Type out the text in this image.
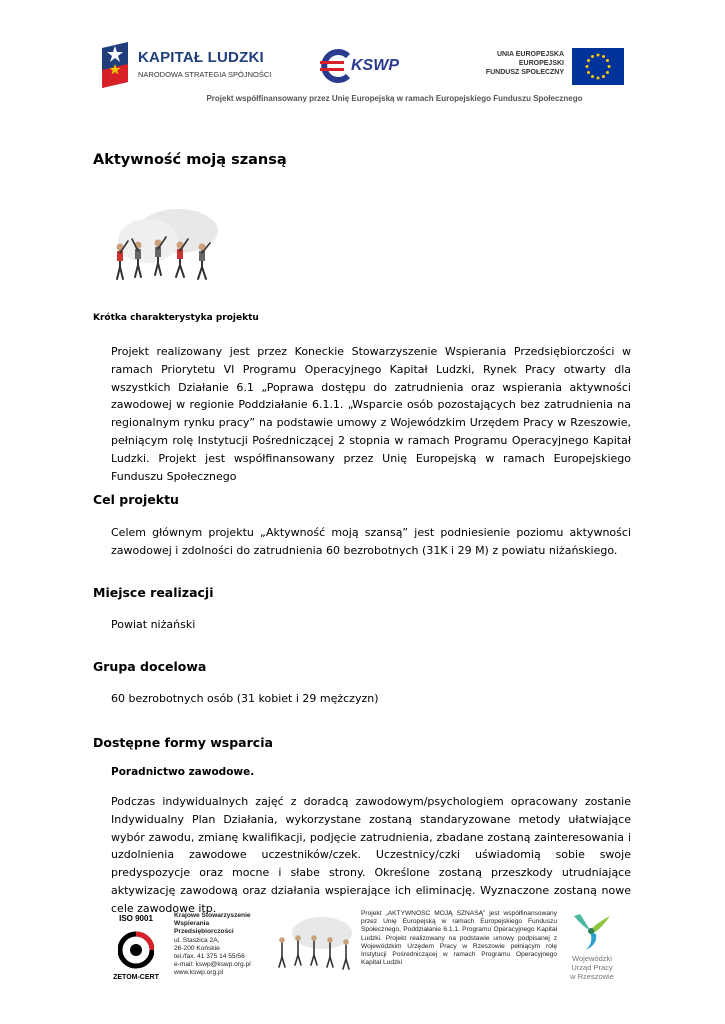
KAPITAŁ LUDZKI
NARODOWA STRATEGIA SPÓJNOŚCI
KSWP
UNIA EUROPEJSKA
EUROPEJSKI
FUNDUSZ SPOŁECZNY
Projekt współfinansowany przez Unię Europejską w ramach Europejskiego Funduszu Społecznego
Aktywność moją szansą
Krótka charakterystyka projektu

Projekt realizowany jest przez Koneckie Stowarzyszenie Wspierania Przedsiębiorczości w ramach Priorytetu VI Programu Operacyjnego Kapitał Ludzki, Rynek Pracy otwarty dla wszystkich Działanie 6.1 „Poprawa dostępu do zatrudnienia oraz wspierania aktywności zawodowej w regionie Poddziałanie 6.1.1. „Wsparcie osób pozostających bez zatrudnienia na regionalnym rynku pracy” na podstawie umowy z Wojewódzkim Urzędem Pracy w Rzeszowie, pełniącym rolę Instytucji Pośredniczącej 2 stopnia w ramach Programu Operacyjnego Kapitał Ludzki. Projekt jest współfinansowany przez Unię Europejską w ramach Europejskiego Funduszu Społecznego

Cel projektu

Celem głównym projektu „Aktywność moją szansą” jest podniesienie poziomu aktywności zawodowej i zdolności do zatrudnienia 60 bezrobotnych (31K i 29 M) z powiatu niżańskiego.

Miejsce realizacji

Powiat niżański

Grupa docelowa

60 bezrobotnych osób (31 kobiet i 29 mężczyzn)

Dostępne formy wsparcia
Poradnictwo zawodowe.

Podczas indywidualnych zajęć z doradcą zawodowym/psychologiem opracowany zostanie Indywidualny Plan Działania, wykorzystane zostaną standaryzowane metody ułatwiające wybór zawodu, zmianę kwalifikacji, podjęcie zatrudnienia, zbadane zostaną zainteresowania i uzdolnienia zawodowe uczestników/czek. Uczestnicy/czki uświadomią sobie swoje predyspozycje oraz mocne i słabe strony. Określone zostaną przeszkody utrudniające aktywizację zawodową oraz działania wspierające ich eliminację. Wyznaczone zostaną nowe cele zawodowe itp.

ISO 9001
ZETOM-CERT
Krajowe Stowarzyszenie
Wspierania
Przedsiębiorczości
ul. Staszica 2A,
26-200 Końskie
tel./fax. 41 375 14 55/56
e-mail: kswp@kswp.org.pl
www.kswp.org.pl
Projekt „AKTYWNOSC MOJĄ SZNASĄ” jest współfinansowany przez Unię Europejską w ramach Europejskiego Funduszu Społecznego, Poddziałanie 6.1.1. Programu Operacyjnego Kapitał Ludzki. Projekt realizowany na podstawie umowy podpisanej z Wojewódzkim Urzędem Pracy w Rzeszowie pełniącym rolę Instytucji Pośredniczącej w ramach Programu Operacyjnego Kapitał Ludzki	Wojewódzki
Urząd Pracy
w Rzeszowie
